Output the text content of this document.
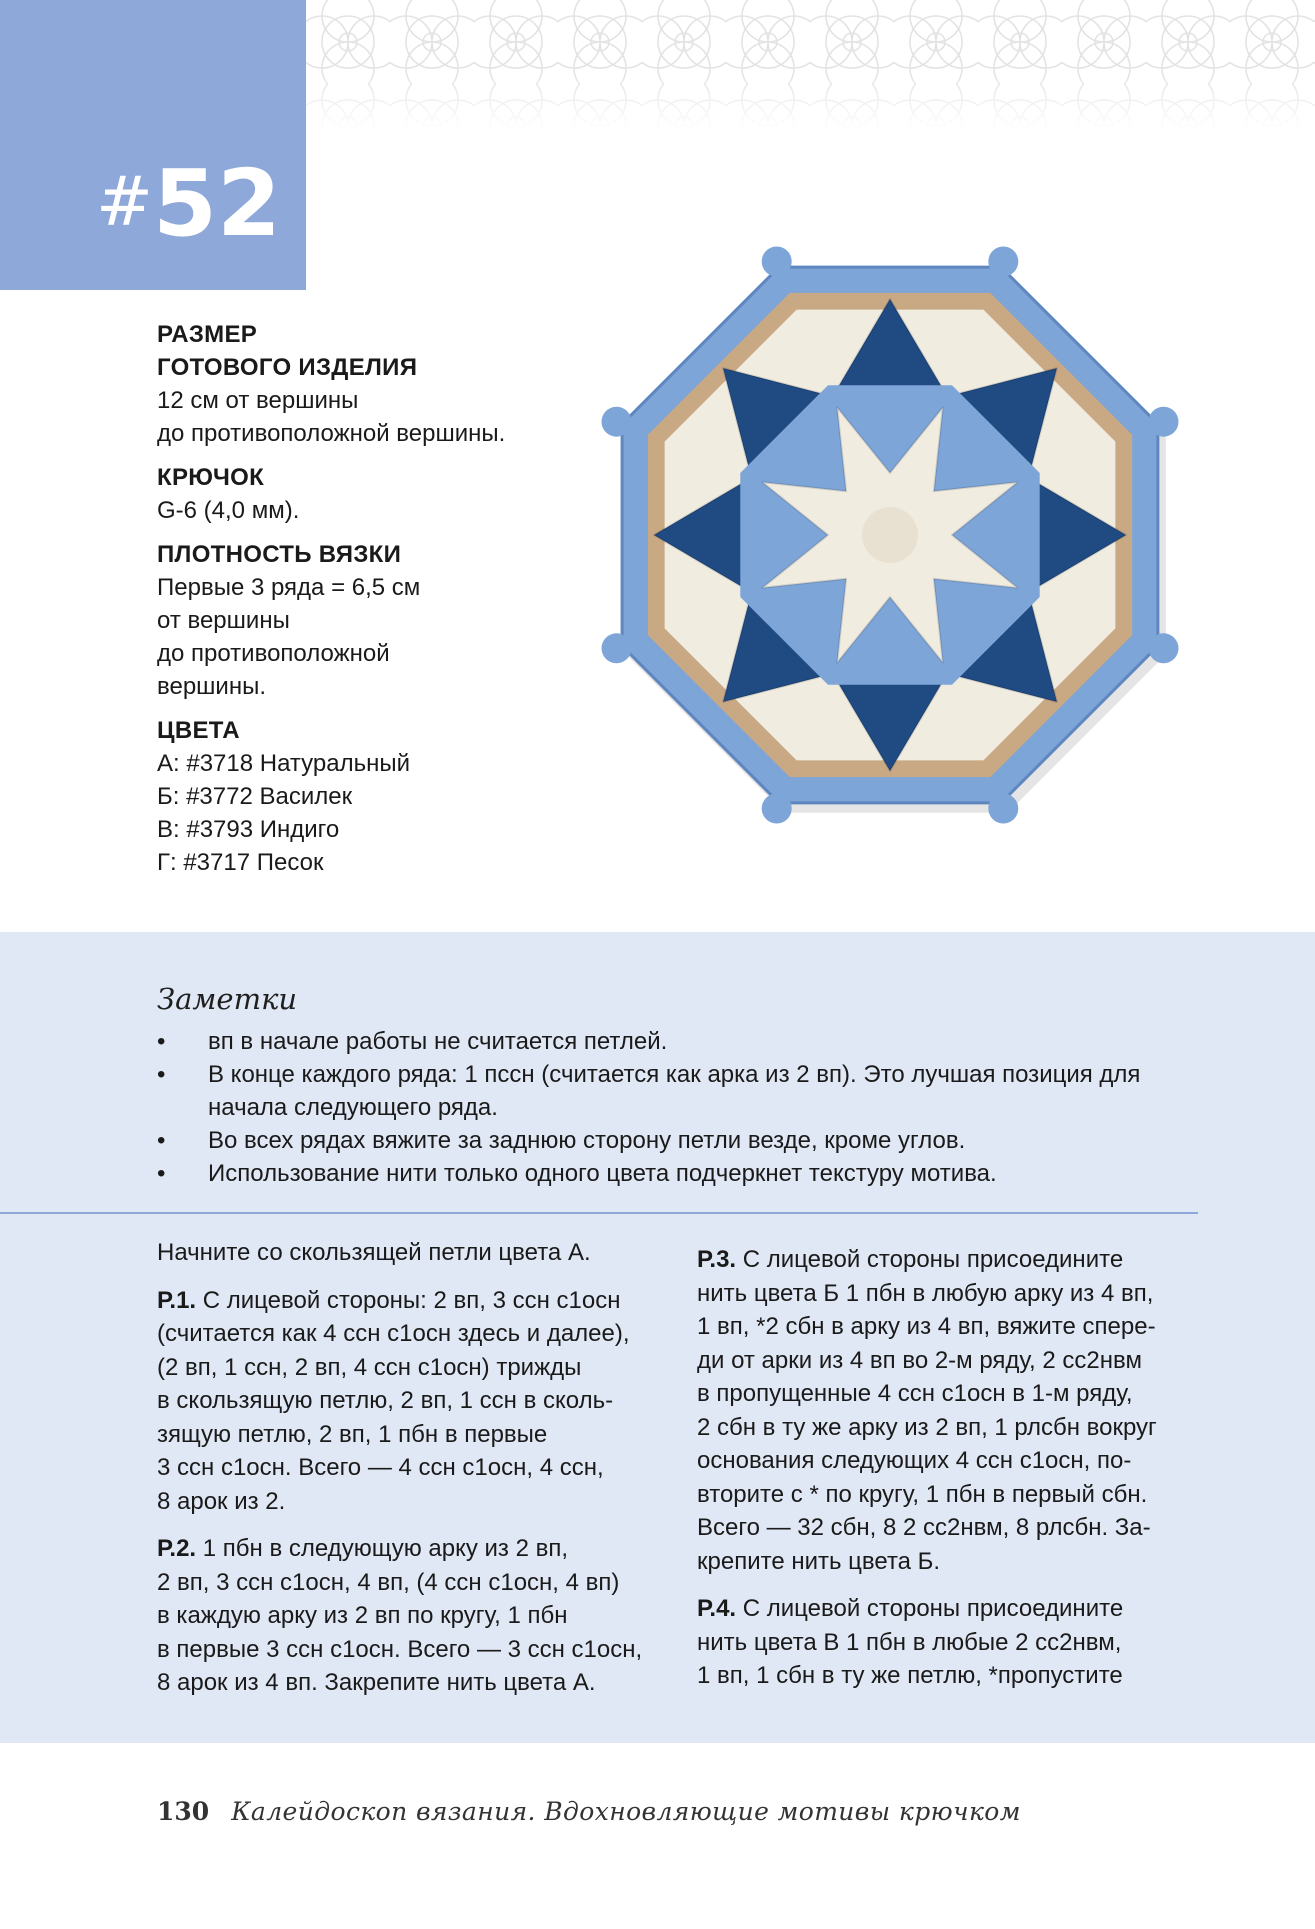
#52
РАЗМЕР
ГОТОВОГО ИЗДЕЛИЯ
12 см от вершины
до противоположной вершины.
КРЮЧОК
G-6 (4,0 мм).
ПЛОТНОСТЬ ВЯЗКИ
Первые 3 ряда = 6,5 см
от вершины
до противоположной
вершины.
ЦВЕТА
А: #3718 Натуральный
Б: #3772 Василек
В: #3793 Индиго
Г: #3717 Песок
Заметки
• вп в начале работы не считается петлей.
• В конце каждого ряда: 1 пссн (считается как арка из 2 вп). Это лучшая позиция для
начала следующего ряда.
• Во всех рядах вяжите за заднюю сторону петли везде, кроме углов.
• Использование нити только одного цвета подчеркнет текстуру мотива.

Начните со скользящей петли цвета А.

Р.1. С лицевой стороны: 2 вп, 3 ссн с1осн
(считается как 4 ссн с1осн здесь и далее),
(2 вп, 1 ссн, 2 вп, 4 ссн с1осн) трижды
в скользящую петлю, 2 вп, 1 ссн в сколь-
зящую петлю, 2 вп, 1 пбн в первые
3 ссн с1осн. Всего — 4 ссн с1осн, 4 ссн,
8 арок из 2.

Р.2. 1 пбн в следующую арку из 2 вп,
2 вп, 3 ссн с1осн, 4 вп, (4 ссн с1осн, 4 вп)
в каждую арку из 2 вп по кругу, 1 пбн
в первые 3 ссн с1осн. Всего — 3 ссн с1осн,
8 арок из 4 вп. Закрепите нить цвета А.

Р.3. С лицевой стороны присоедините
нить цвета Б 1 пбн в любую арку из 4 вп,
1 вп, *2 сбн в арку из 4 вп, вяжите спере-
ди от арки из 4 вп во 2-м ряду, 2 сс2нвм
в пропущенные 4 ссн с1осн в 1-м ряду,
2 сбн в ту же арку из 2 вп, 1 рлсбн вокруг
основания следующих 4 ссн с1осн, по-
вторите с * по кругу, 1 пбн в первый сбн.
Всего — 32 сбн, 8 2 сс2нвм, 8 рлсбн. За-
крепите нить цвета Б.

Р.4. С лицевой стороны присоедините
нить цвета В 1 пбн в любые 2 сс2нвм,
1 вп, 1 сбн в ту же петлю, *пропустите

130 Калейдоскоп вязания. Вдохновляющие мотивы крючком
